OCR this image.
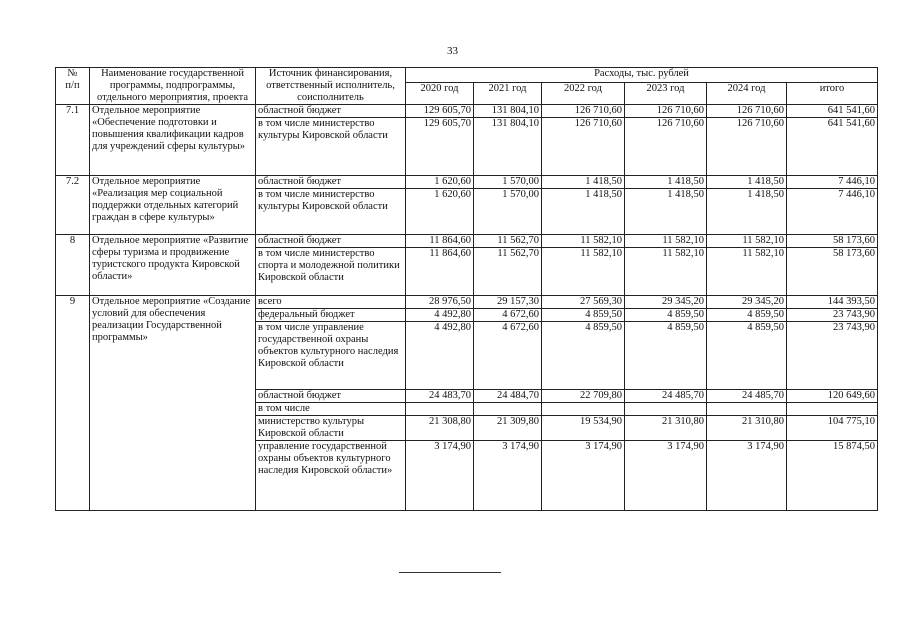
33
№
п/п	Наименование государственной программы, подпрограммы, отдельного мероприятия, проекта	Источник финансирования, ответственный исполнитель, соисполнитель	Расходы, тыс. рублей					
			2020 год	2021 год	2022 год	2023 год	2024 год	итого
7.1	Отдельное мероприятие «Обеспечение подготовки и повышения квалификации кадров для учреждений сферы культуры»	областной бюджет	129 605,70	131 804,10	126 710,60	126 710,60	126 710,60	641 541,60
		в том числе министерство культуры Кировской области	129 605,70	131 804,10	126 710,60	126 710,60	126 710,60	641 541,60
7.2	Отдельное мероприятие «Реализация мер социальной поддержки отдельных категорий граждан в сфере культуры»	областной бюджет	1 620,60	1 570,00	1 418,50	1 418,50	1 418,50	7 446,10
		в том числе министерство культуры Кировской области	1 620,60	1 570,00	1 418,50	1 418,50	1 418,50	7 446,10
8	Отдельное мероприятие «Развитие сферы туризма и продвижение туристского продукта Кировской области»	областной бюджет	11 864,60	11 562,70	11 582,10	11 582,10	11 582,10	58 173,60
		в том числе министерство спорта и молодежной политики Кировской области	11 864,60	11 562,70	11 582,10	11 582,10	11 582,10	58 173,60
9	Отдельное мероприятие «Создание условий для обеспечения реализации Государственной программы»	всего	28 976,50	29 157,30	27 569,30	29 345,20	29 345,20	144 393,50
		федеральный бюджет	4 492,80	4 672,60	4 859,50	4 859,50	4 859,50	23 743,90
		в том числе управление государственной охраны объектов культурного наследия Кировской области	4 492,80	4 672,60	4 859,50	4 859,50	4 859,50	23 743,90
		областной бюджет	24 483,70	24 484,70	22 709,80	24 485,70	24 485,70	120 649,60
		в том числе						
		министерство культуры Кировской области	21 308,80	21 309,80	19 534,90	21 310,80	21 310,80	104 775,10
		управление государственной охраны объектов культурного наследия Кировской области»	3 174,90	3 174,90	3 174,90	3 174,90	3 174,90	15 874,50
